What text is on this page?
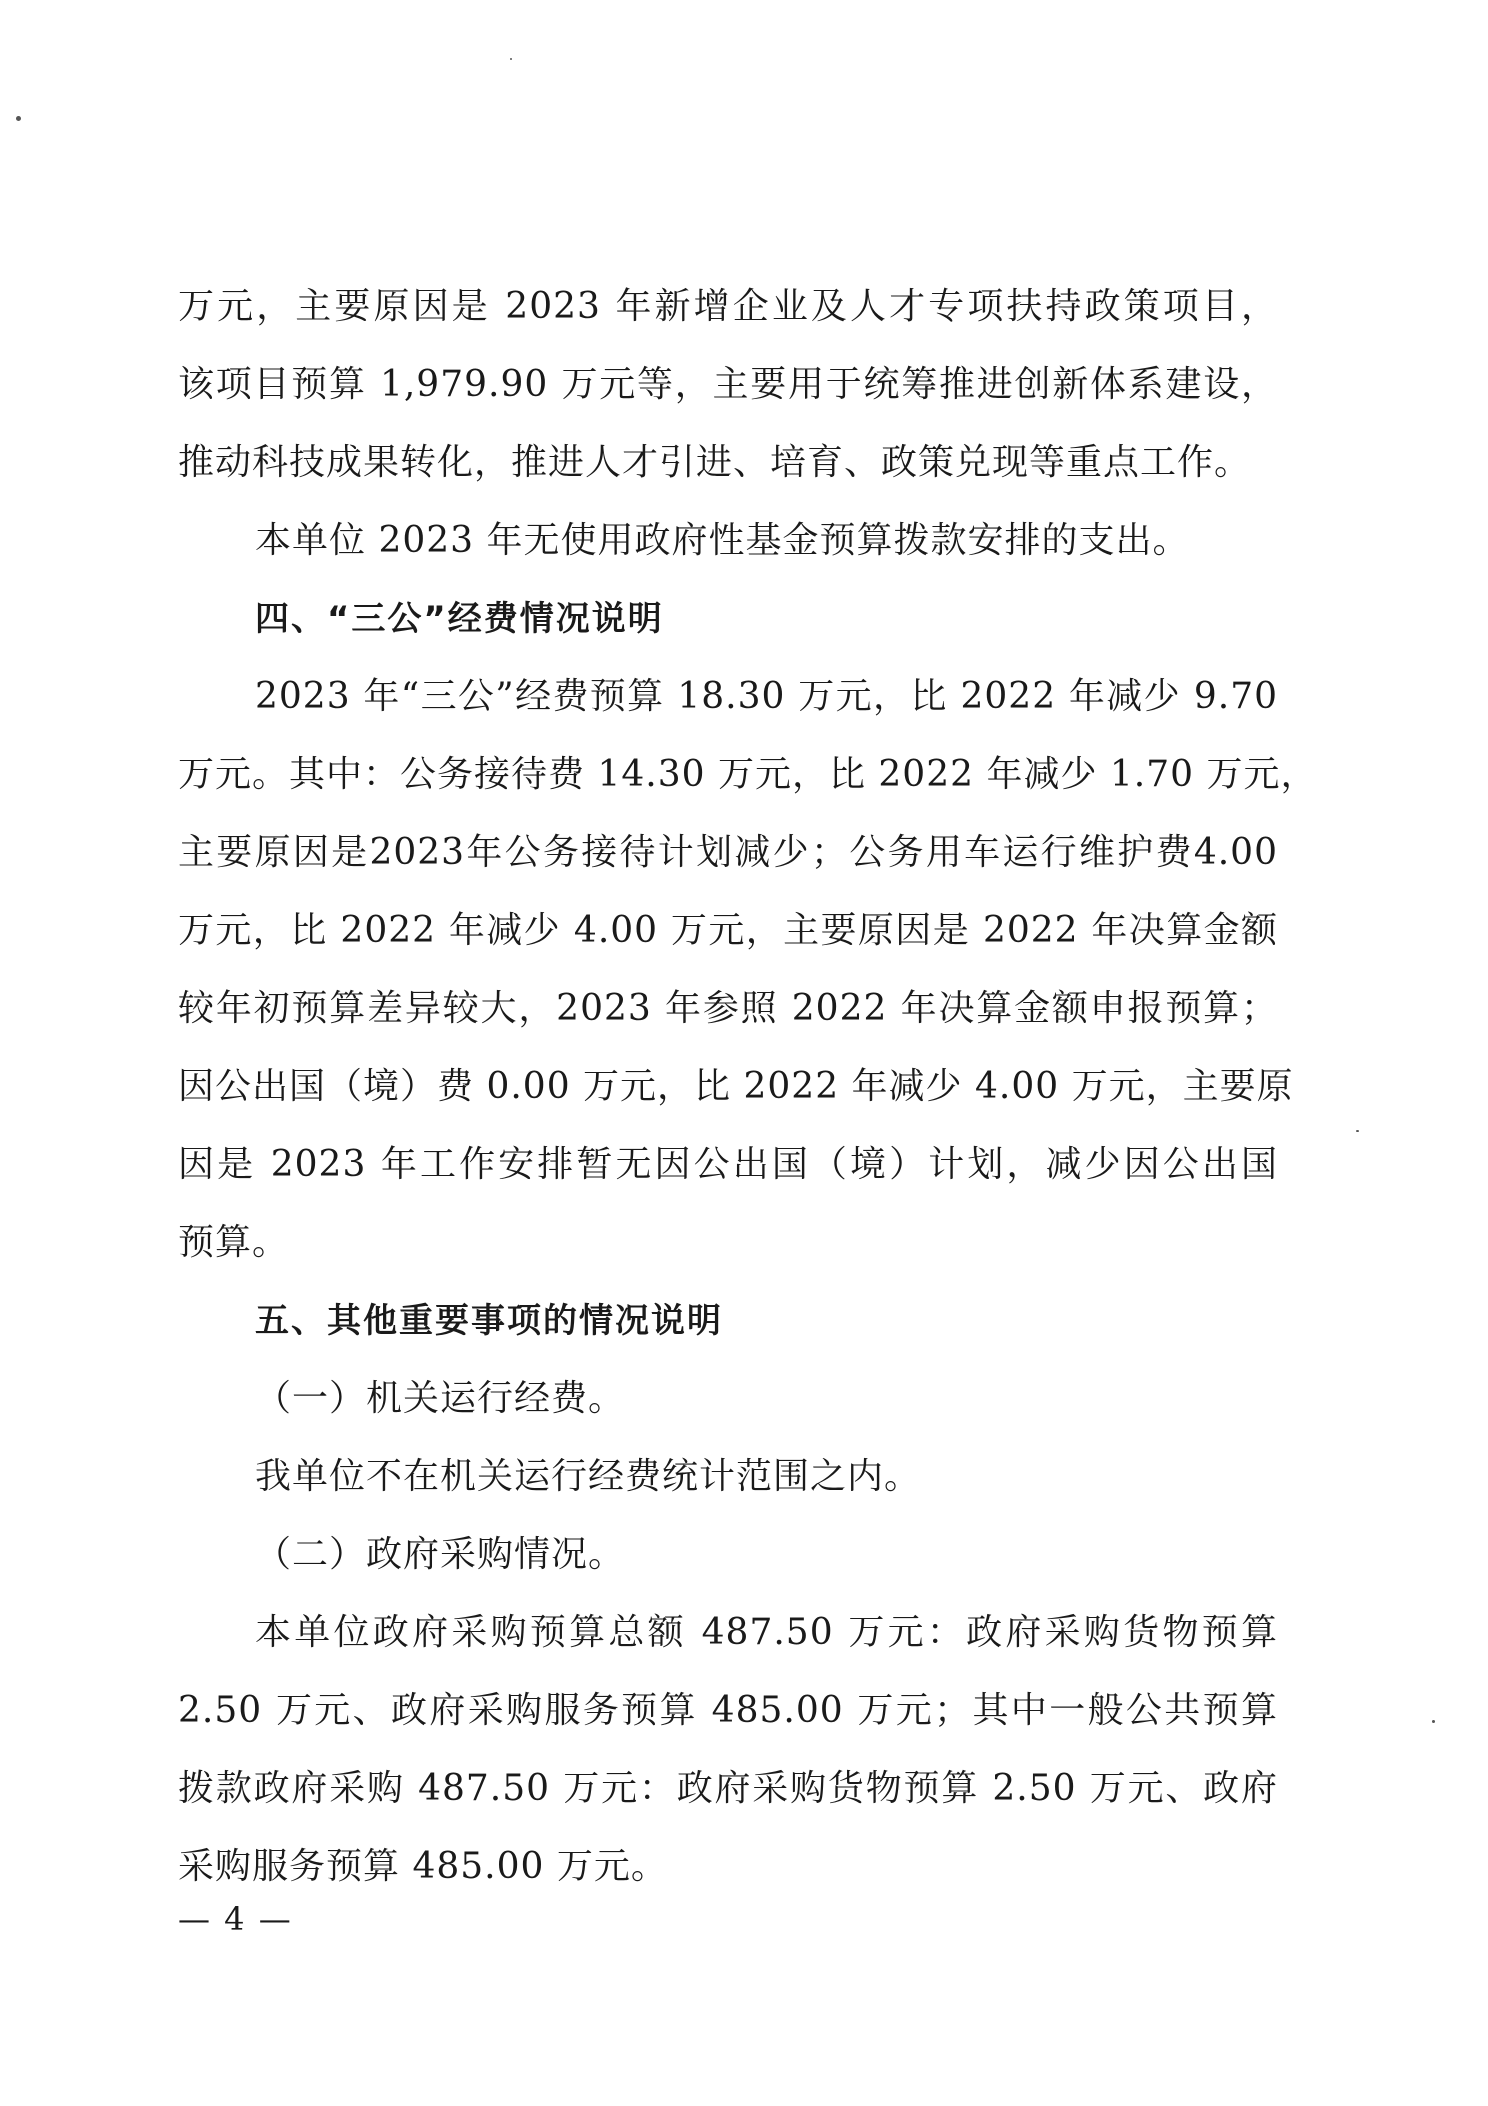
万元，主要原因是 2023 年新增企业及人才专项扶持政策项目，
该项目预算 1,979.90 万元等，主要用于统筹推进创新体系建设，
推动科技成果转化，推进人才引进、培育、政策兑现等重点工作。
本单位 2023 年无使用政府性基金预算拨款安排的支出。
四、“三公”经费情况说明
2023 年“三公”经费预算 18.30 万元，比 2022 年减少 9.70
万元。其中：公务接待费 14.30 万元，比 2022 年减少 1.70 万元，
主要原因是2023年公务接待计划减少；公务用车运行维护费4.00
万元，比 2022 年减少 4.00 万元，主要原因是 2022 年决算金额
较年初预算差异较大，2023 年参照 2022 年决算金额申报预算；
因公出国（境）费 0.00 万元，比 2022 年减少 4.00 万元，主要原
因是 2023 年工作安排暂无因公出国（境）计划，减少因公出国
预算。
五、其他重要事项的情况说明
（一）机关运行经费。
我单位不在机关运行经费统计范围之内。
（二）政府采购情况。
本单位政府采购预算总额 487.50 万元：政府采购货物预算
2.50 万元、政府采购服务预算 485.00 万元；其中一般公共预算
拨款政府采购 487.50 万元：政府采购货物预算 2.50 万元、政府
采购服务预算 485.00 万元。
— 4 —
